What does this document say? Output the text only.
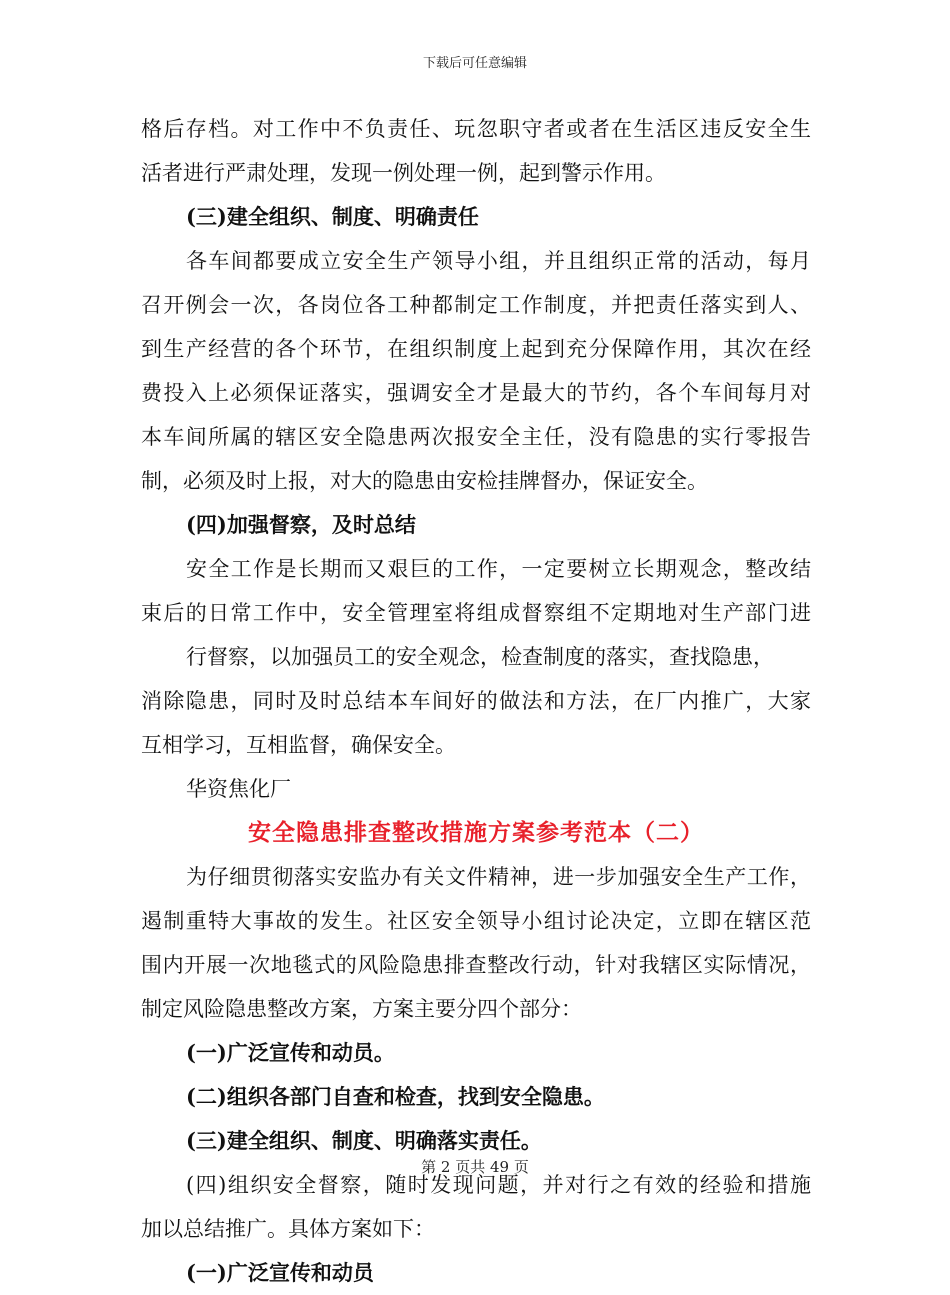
下载后可任意编辑
格后存档。对工作中不负责任、玩忽职守者或者在生活区违反安全生
活者进行严肃处理，发现一例处理一例，起到警示作用。
(三)建全组织、制度、明确责任
各车间都要成立安全生产领导小组，并且组织正常的活动，每月
召开例会一次，各岗位各工种都制定工作制度，并把责任落实到人、
到生产经营的各个环节，在组织制度上起到充分保障作用，其次在经
费投入上必须保证落实，强调安全才是最大的节约，各个车间每月对
本车间所属的辖区安全隐患两次报安全主任，没有隐患的实行零报告
制，必须及时上报，对大的隐患由安检挂牌督办，保证安全。
(四)加强督察，及时总结
安全工作是长期而又艰巨的工作，一定要树立长期观念，整改结
束后的日常工作中，安全管理室将组成督察组不定期地对生产部门进
行督察，以加强员工的安全观念，检查制度的落实，查找隐患，
消除隐患，同时及时总结本车间好的做法和方法，在厂内推广，大家
互相学习，互相监督，确保安全。
华资焦化厂
安全隐患排查整改措施方案参考范本（二）
为仔细贯彻落实安监办有关文件精神，进一步加强安全生产工作，
遏制重特大事故的发生。社区安全领导小组讨论决定，立即在辖区范
围内开展一次地毯式的风险隐患排查整改行动，针对我辖区实际情况，
制定风险隐患整改方案，方案主要分四个部分：
(一)广泛宣传和动员。
(二)组织各部门自查和检查，找到安全隐患。
(三)建全组织、制度、明确落实责任。
(四)组织安全督察，随时发现问题，并对行之有效的经验和措施
加以总结推广。具体方案如下：
(一)广泛宣传和动员
第 2 页共 49 页
